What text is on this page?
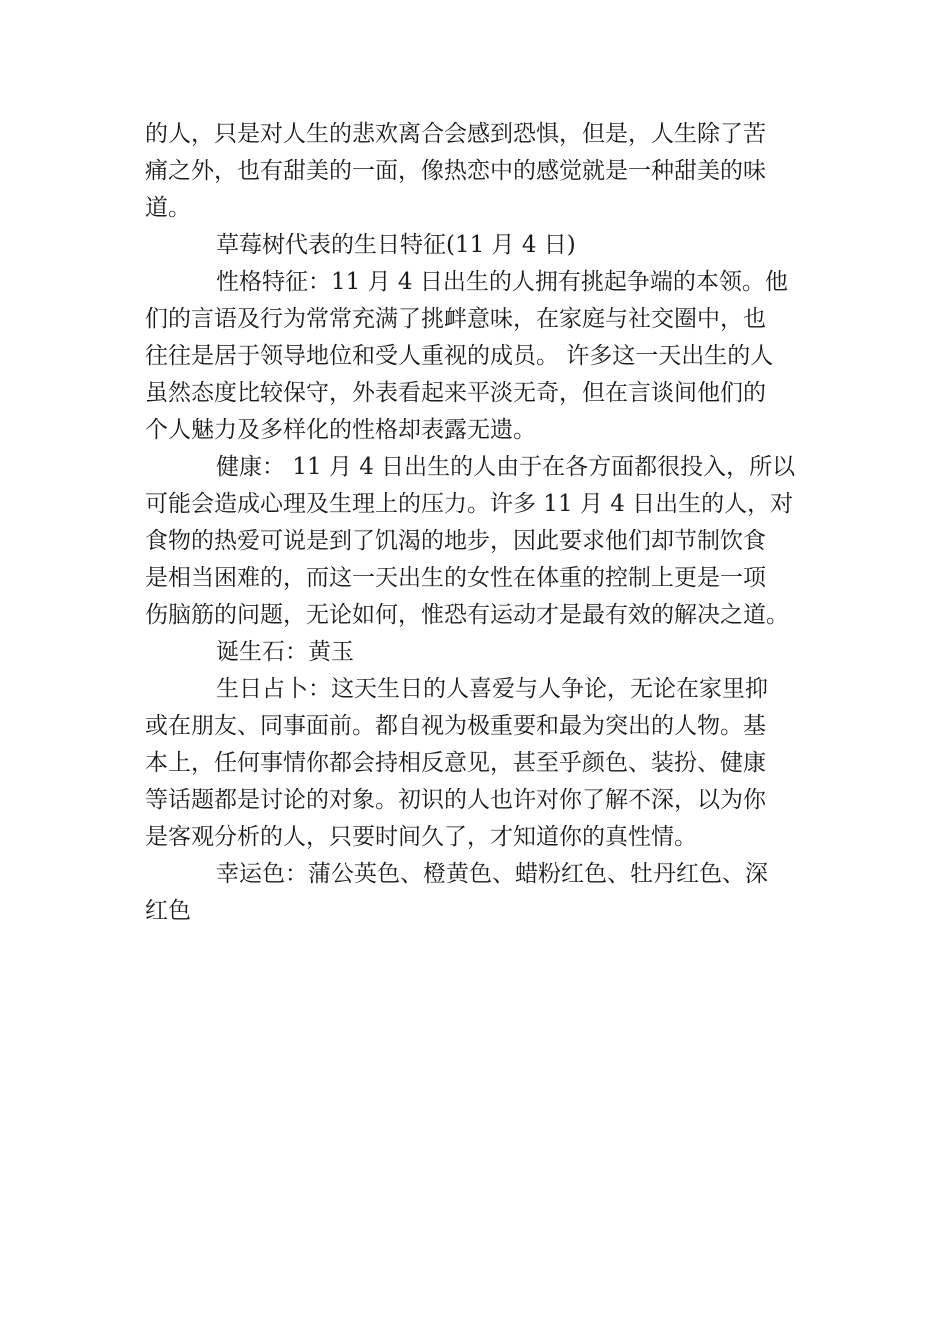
的人，只是对人生的悲欢离合会感到恐惧，但是，人生除了苦
痛之外，也有甜美的一面，像热恋中的感觉就是一种甜美的味
道。
草莓树代表的生日特征(11 月 4 日)
性格特征：11 月 4 日出生的人拥有挑起争端的本领。他
们的言语及行为常常充满了挑衅意味，在家庭与社交圈中，也
往往是居于领导地位和受人重视的成员。 许多这一天出生的人
虽然态度比较保守，外表看起来平淡无奇，但在言谈间他们的
个人魅力及多样化的性格却表露无遗。
健康： 11 月 4 日出生的人由于在各方面都很投入，所以
可能会造成心理及生理上的压力。许多 11 月 4 日出生的人，对
食物的热爱可说是到了饥渴的地步，因此要求他们却节制饮食
是相当困难的，而这一天出生的女性在体重的控制上更是一项
伤脑筋的问题，无论如何，惟恐有运动才是最有效的解决之道。
诞生石：黄玉
生日占卜：这天生日的人喜爱与人争论，无论在家里抑
或在朋友、同事面前。都自视为极重要和最为突出的人物。基
本上，任何事情你都会持相反意见，甚至乎颜色、装扮、健康
等话题都是讨论的对象。初识的人也许对你了解不深，以为你
是客观分析的人，只要时间久了，才知道你的真性情。
幸运色：蒲公英色、橙黄色、蜡粉红色、牡丹红色、深
红色
